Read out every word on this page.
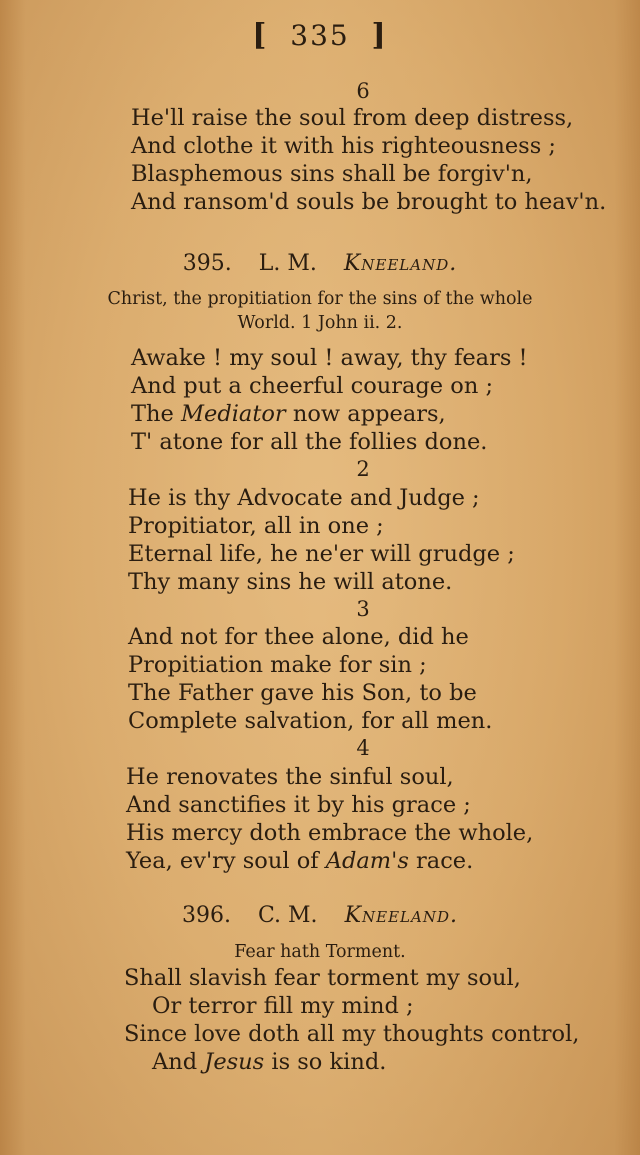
[ 335 ]
6
He'll raise the soul from deep distress,
And clothe it with his righteousness ;
Blasphemous sins shall be forgiv'n,
And ransom'd souls be brought to heav'n.
395. L. M. Kneeland.
Christ, the propitiation for the sins of the whole
World. 1 John ii. 2.
Awake ! my soul ! away, thy fears !
And put a cheerful courage on ;
The Mediator now appears,
T' atone for all the follies done.
2
He is thy Advocate and Judge ;
Propitiator, all in one ;
Eternal life, he ne'er will grudge ;
Thy many sins he will atone.
3
And not for thee alone, did he
Propitiation make for sin ;
The Father gave his Son, to be
Complete salvation, for all men.
4
He renovates the sinful soul,
And sanctifies it by his grace ;
His mercy doth embrace the whole,
Yea, ev'ry soul of Adam's race.
396. C. M. Kneeland.
Fear hath Torment.
Shall slavish fear torment my soul,
Or terror fill my mind ;
Since love doth all my thoughts control,
And Jesus is so kind.
